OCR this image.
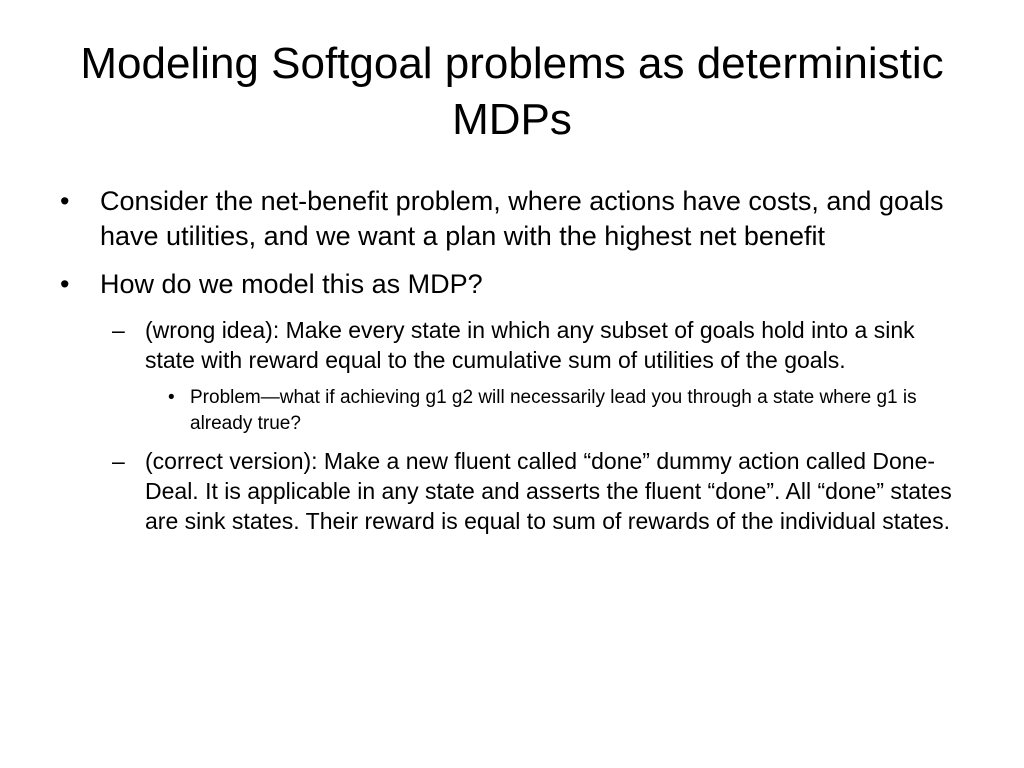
Modeling Softgoal problems as deterministic MDPs
• Consider the net-benefit problem, where actions have costs, and goals have utilities, and we want a plan with the highest net benefit
• How do we model this as MDP?
– (wrong idea): Make every state in which any subset of goals hold into a sink state with reward equal to the cumulative sum of utilities of the goals.
• Problem—what if achieving g1 g2 will necessarily lead you through a state where g1 is already true?
– (correct version): Make a new fluent called “done” dummy action called Done-Deal. It is applicable in any state and asserts the fluent “done”. All “done” states are sink states. Their reward is equal to sum of rewards of the individual states.
